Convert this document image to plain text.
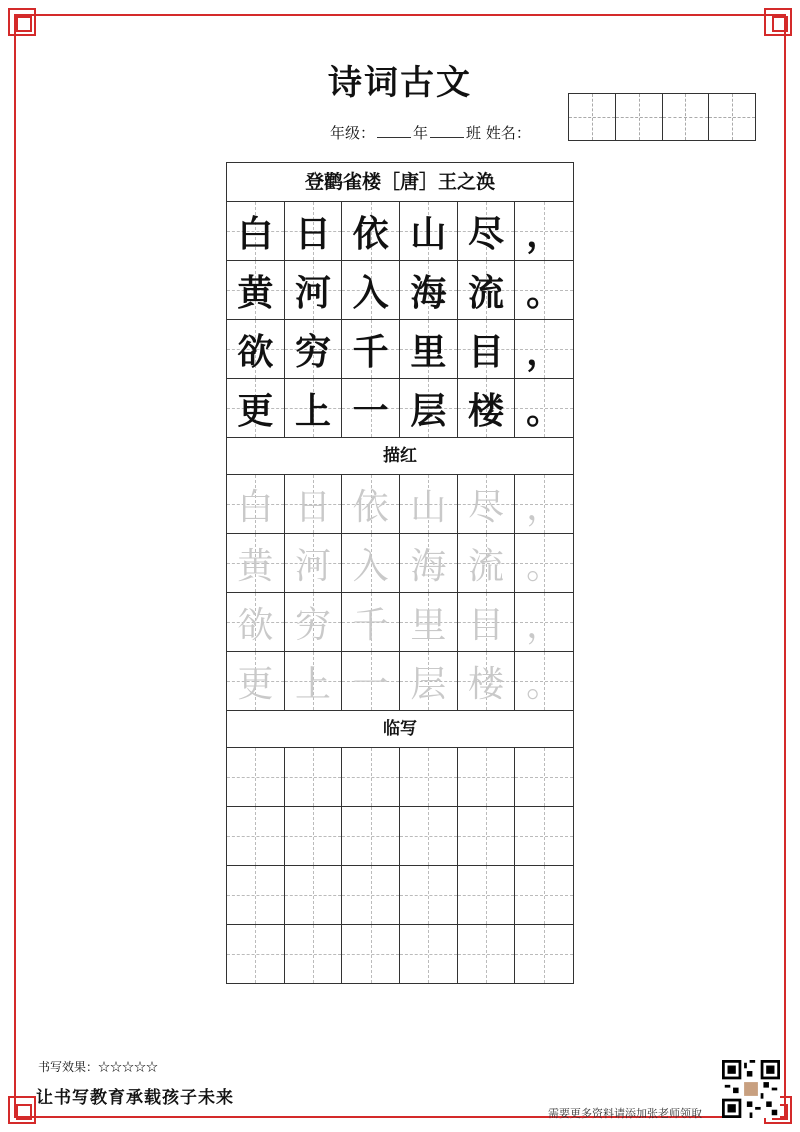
诗词古文
年级：	年	班 姓名：
登鹳雀楼［唐］王之涣
白 日 依 山 尽 ，
黄 河 入 海 流 。
欲 穷 千 里 目 ，
更 上 一 层 楼 。
描红
白 日 依 山 尽 ，
黄 河 入 海 流 。
欲 穷 千 里 目 ，
更 上 一 层 楼 。
临写
书写效果：☆☆☆☆☆
让书写教育承载孩子未来
需要更多资料请添加张老师领取
